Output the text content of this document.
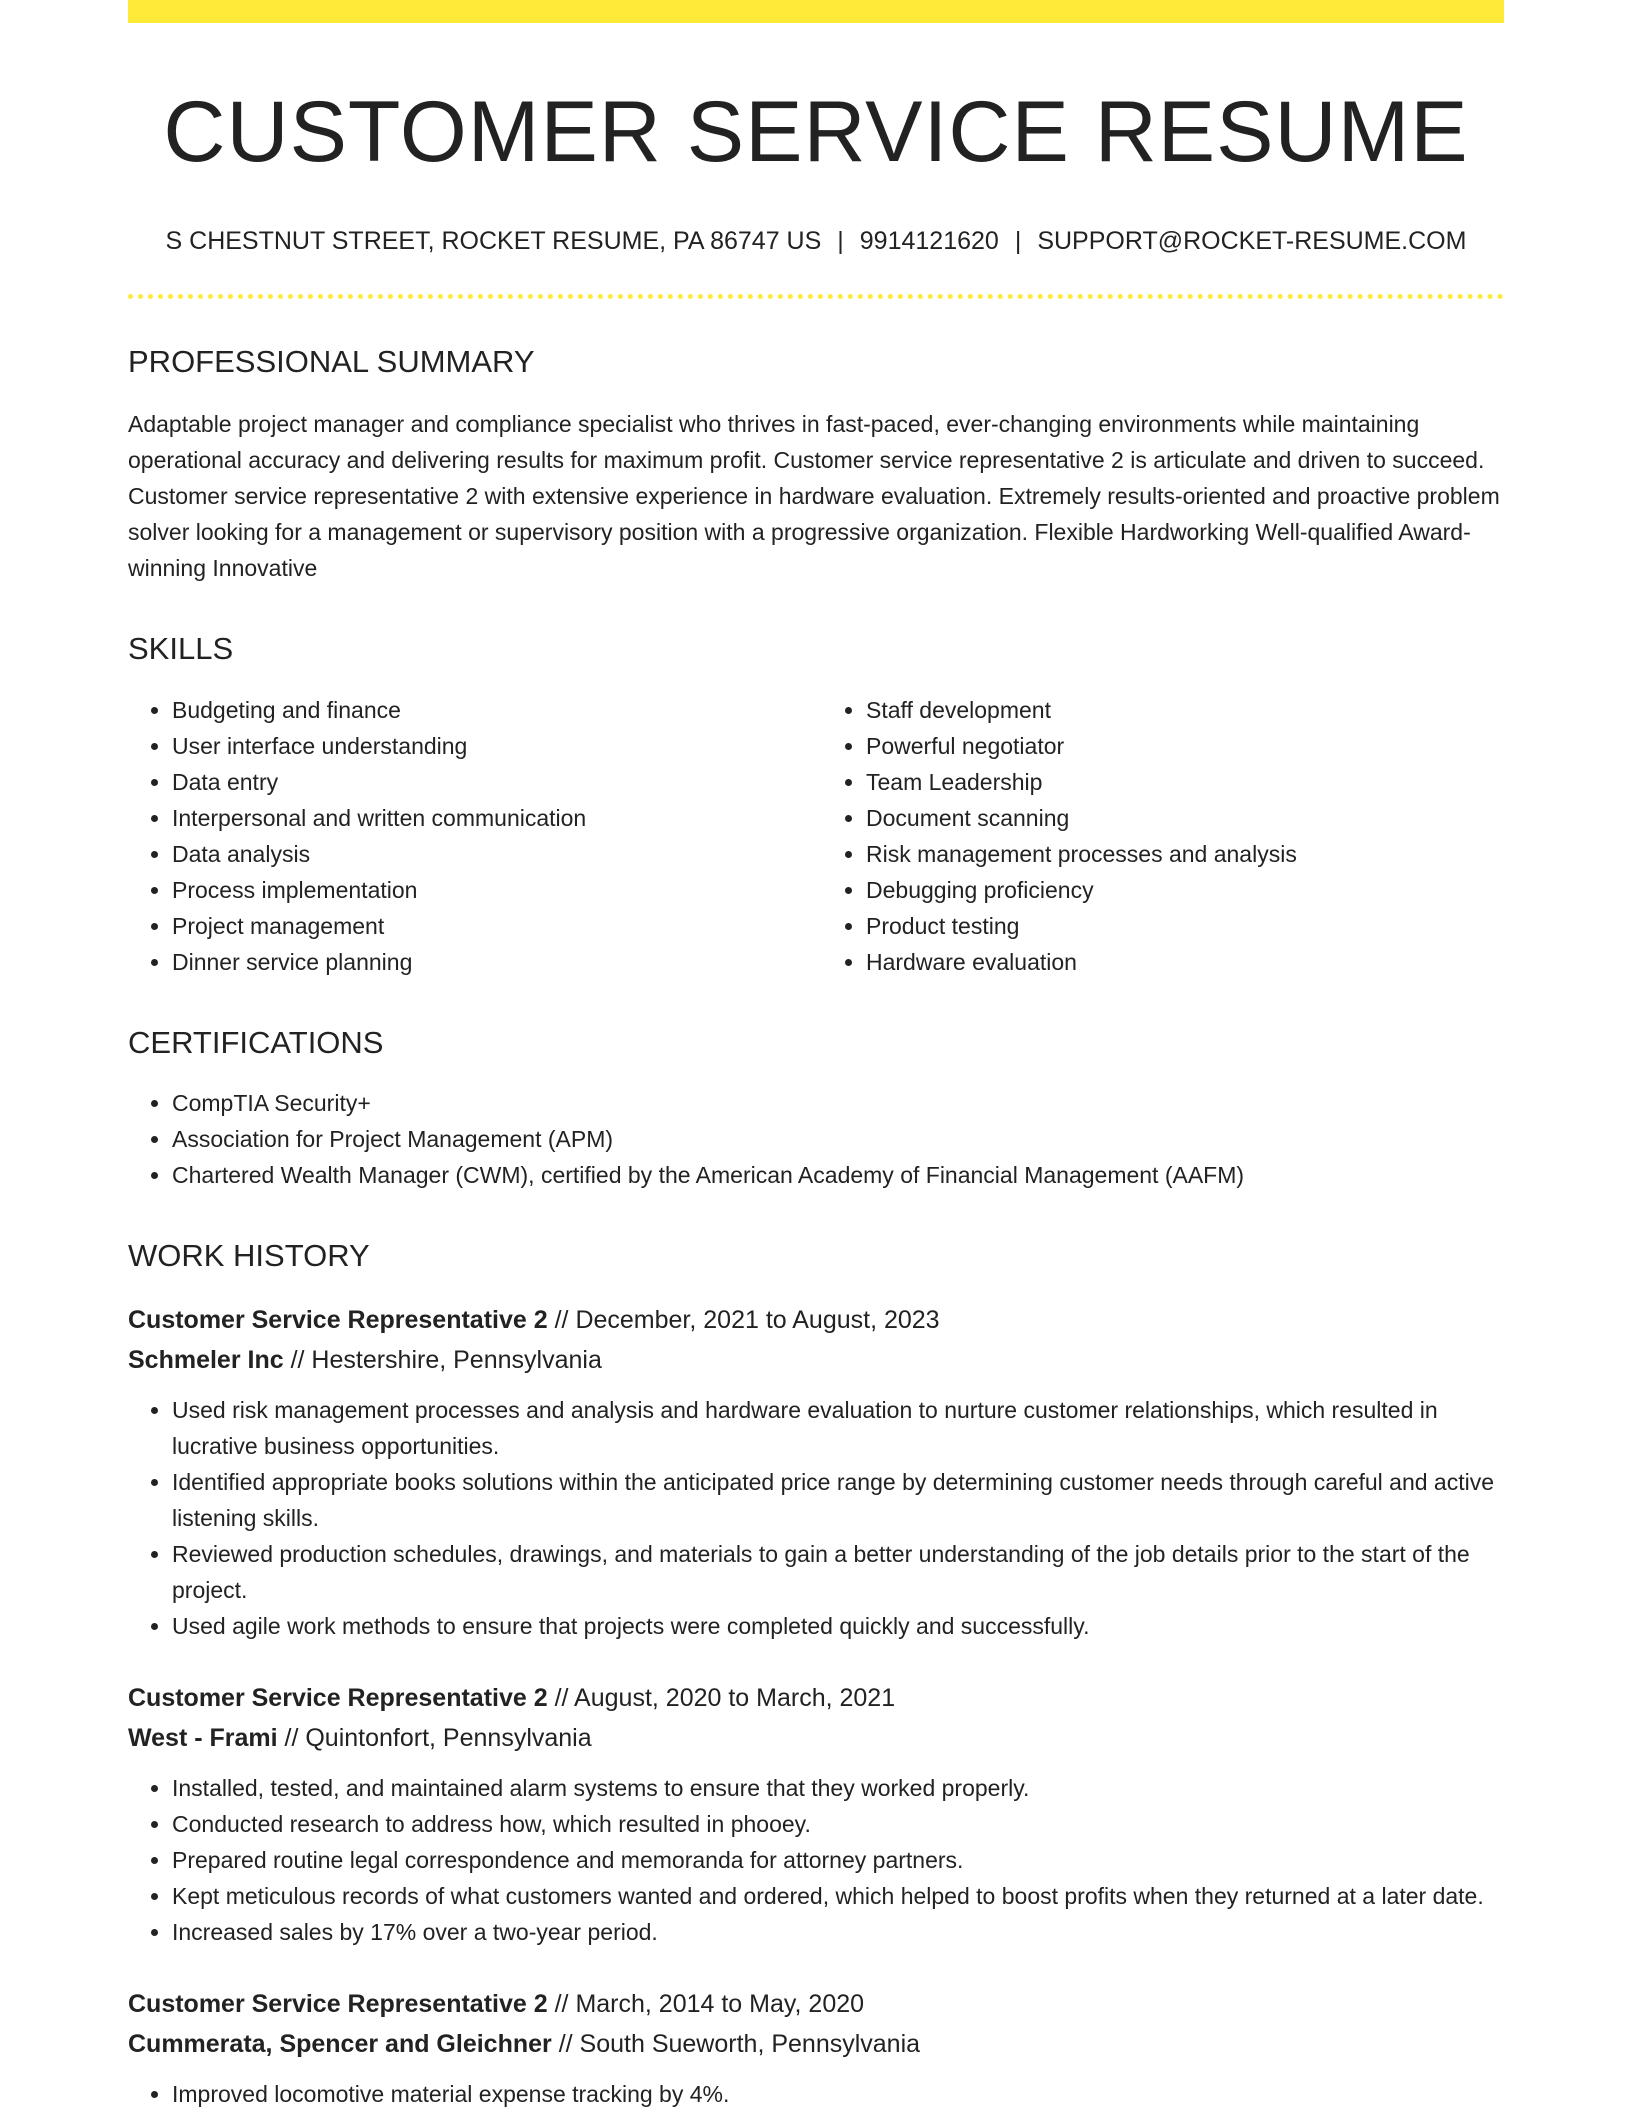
CUSTOMER SERVICE RESUME
S CHESTNUT STREET, ROCKET RESUME, PA 86747 US | 9914121620 | SUPPORT@ROCKET-RESUME.COM
PROFESSIONAL SUMMARY

Adaptable project manager and compliance specialist who thrives in fast-paced, ever-changing environments while maintaining operational accuracy and delivering results for maximum profit. Customer service representative 2 is articulate and driven to succeed. Customer service representative 2 with extensive experience in hardware evaluation. Extremely results-oriented and proactive problem solver looking for a management or supervisory position with a progressive organization. Flexible Hardworking Well-qualified Award-winning Innovative

SKILLS
• Budgeting and finance
• User interface understanding
• Data entry
• Interpersonal and written communication
• Data analysis
• Process implementation
• Project management
• Dinner service planning
• Staff development
• Powerful negotiator
• Team Leadership
• Document scanning
• Risk management processes and analysis
• Debugging proficiency
• Product testing
• Hardware evaluation
CERTIFICATIONS
• CompTIA Security+
• Association for Project Management (APM)
• Chartered Wealth Manager (CWM), certified by the American Academy of Financial Management (AAFM)
WORK HISTORY
Customer Service Representative 2 // December, 2021 to August, 2023
Schmeler Inc // Hestershire, Pennsylvania
• Used risk management processes and analysis and hardware evaluation to nurture customer relationships, which resulted in lucrative business opportunities.
• Identified appropriate books solutions within the anticipated price range by determining customer needs through careful and active listening skills.
• Reviewed production schedules, drawings, and materials to gain a better understanding of the job details prior to the start of the project.
• Used agile work methods to ensure that projects were completed quickly and successfully.
Customer Service Representative 2 // August, 2020 to March, 2021
West - Frami // Quintonfort, Pennsylvania
• Installed, tested, and maintained alarm systems to ensure that they worked properly.
• Conducted research to address how, which resulted in phooey.
• Prepared routine legal correspondence and memoranda for attorney partners.
• Kept meticulous records of what customers wanted and ordered, which helped to boost profits when they returned at a later date.
• Increased sales by 17% over a two-year period.
Customer Service Representative 2 // March, 2014 to May, 2020
Cummerata, Spencer and Gleichner // South Sueworth, Pennsylvania
• Improved locomotive material expense tracking by 4%.
